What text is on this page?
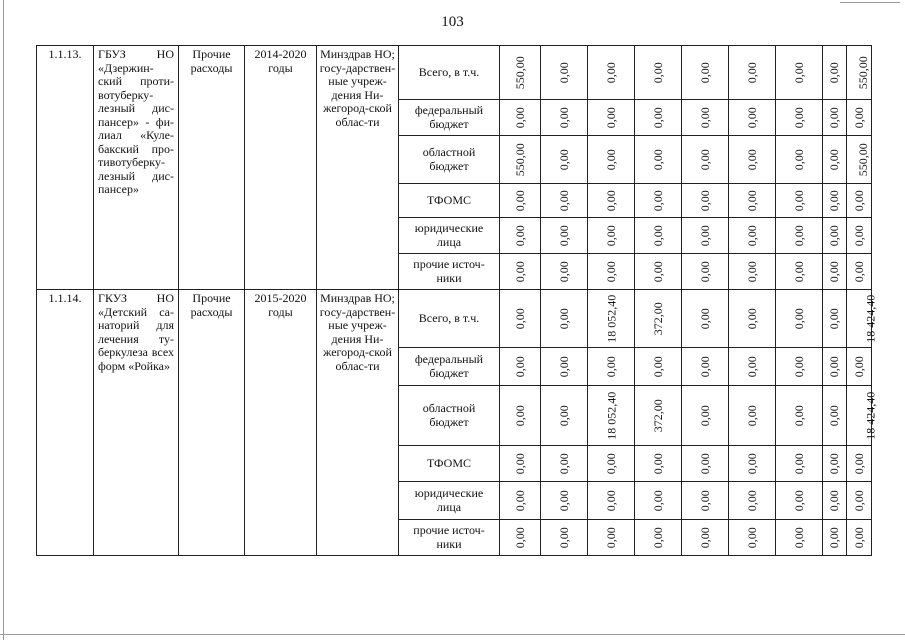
103
1.1.13.	ГБУЗ НО «Дзержин-ский проти-вотуберку-лезный дис-пансер» - фи-лиал «Куле-бакский про-тивотуберку-лезный дис-пансер»	Прочие расходы	2014-2020 годы	Минздрав НО; госу-дарствен-ные учреж-дения Ни-жегород-ской облас-ти	Всего, в т.ч.	550,00	0,00	0,00	0,00	0,00	0,00	0,00	0,00	550,00
					федеральный бюджет	0,00	0,00	0,00	0,00	0,00	0,00	0,00	0,00	0,00
					областной бюджет	550,00	0,00	0,00	0,00	0,00	0,00	0,00	0,00	550,00
					ТФОМС	0,00	0,00	0,00	0,00	0,00	0,00	0,00	0,00	0,00
					юридические лица	0,00	0,00	0,00	0,00	0,00	0,00	0,00	0,00	0,00
					прочие источ-ники	0,00	0,00	0,00	0,00	0,00	0,00	0,00	0,00	0,00
1.1.14.	ГКУЗ НО «Детский са-наторий для лечения ту-беркулеза всех форм «Ройка»	Прочие расходы	2015-2020 годы	Минздрав НО; госу-дарствен-ные учреж-дения Ни-жегород-ской облас-ти	Всего, в т.ч.	0,00	0,00	18 052,40	372,00	0,00	0,00	0,00	0,00	18 424,40
					федеральный бюджет	0,00	0,00	0,00	0,00	0,00	0,00	0,00	0,00	0,00
					областной бюджет	0,00	0,00	18 052,40	372,00	0,00	0,00	0,00	0,00	18 424,40
					ТФОМС	0,00	0,00	0,00	0,00	0,00	0,00	0,00	0,00	0,00
					юридические лица	0,00	0,00	0,00	0,00	0,00	0,00	0,00	0,00	0,00
					прочие источ-ники	0,00	0,00	0,00	0,00	0,00	0,00	0,00	0,00	0,00
